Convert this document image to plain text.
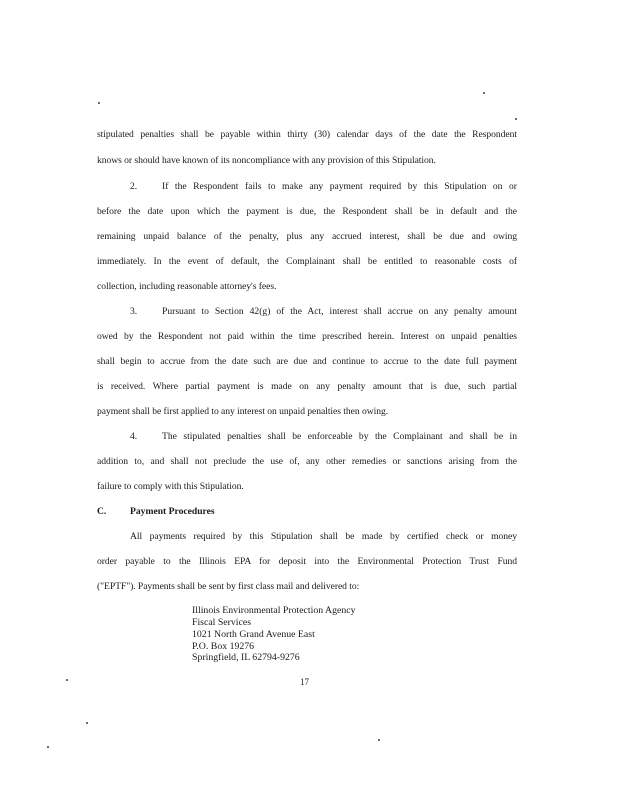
stipulated penalties shall be payable within thirty (30) calendar days of the date the Respondent
knows or should have known of its noncompliance with any provision of this Stipulation.
2.	If the Respondent fails to make any payment required by this Stipulation on or
before the date upon which the payment is due, the Respondent shall be in default and the
remaining unpaid balance of the penalty, plus any accrued interest, shall be due and owing
immediately. In the event of default, the Complainant shall be entitled to reasonable costs of
collection, including reasonable attorney's fees.
3.	Pursuant to Section 42(g) of the Act, interest shall accrue on any penalty amount
owed by the Respondent not paid within the time prescribed herein. Interest on unpaid penalties
shall begin to accrue from the date such are due and continue to accrue to the date full payment
is received. Where partial payment is made on any penalty amount that is due, such partial
payment shall be first applied to any interest on unpaid penalties then owing.
4.	The stipulated penalties shall be enforceable by the Complainant and shall be in
addition to, and shall not preclude the use of, any other remedies or sanctions arising from the
failure to comply with this Stipulation.
C. Payment Procedures
All payments required by this Stipulation shall be made by certified check or money
order payable to the Illinois EPA for deposit into the Environmental Protection Trust Fund
("EPTF"). Payments shall be sent by first class mail and delivered to:
Illinois Environmental Protection Agency
Fiscal Services
1021 North Grand Avenue East
P.O. Box 19276
Springfield, IL 62794-9276
17
